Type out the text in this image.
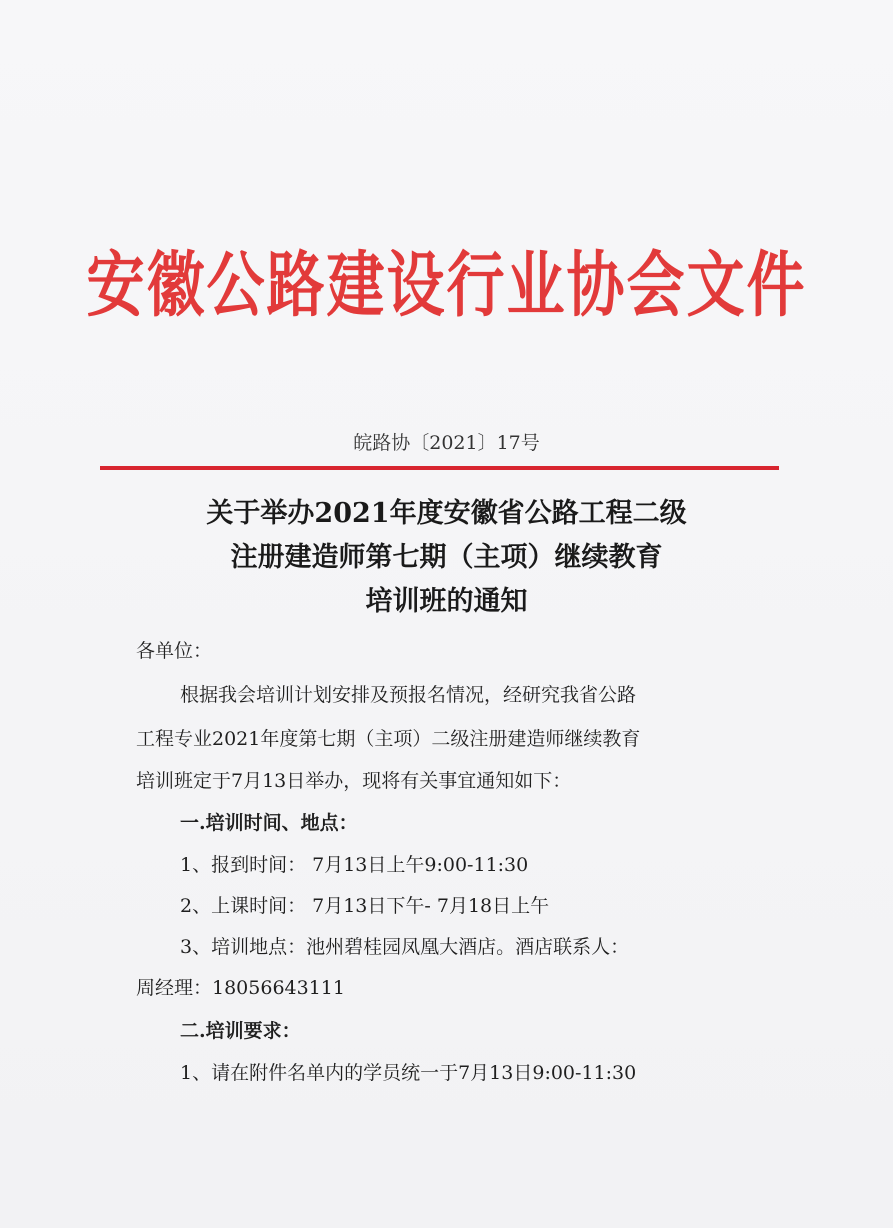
安徽公路建设行业协会文件
皖路协〔2021〕17号
关于举办2021年度安徽省公路工程二级
注册建造师第七期（主项）继续教育
培训班的通知
各单位：
根据我会培训计划安排及预报名情况，经研究我省公路
工程专业2021年度第七期（主项）二级注册建造师继续教育
培训班定于7月13日举办，现将有关事宜通知如下：
一.培训时间、地点：
1、报到时间： 7月13日上午9:00-11:30
2、上课时间： 7月13日下午- 7月18日上午
3、培训地点：池州碧桂园凤凰大酒店。酒店联系人：
周经理：18056643111
二.培训要求：
1、请在附件名单内的学员统一于7月13日9:00-11:30
